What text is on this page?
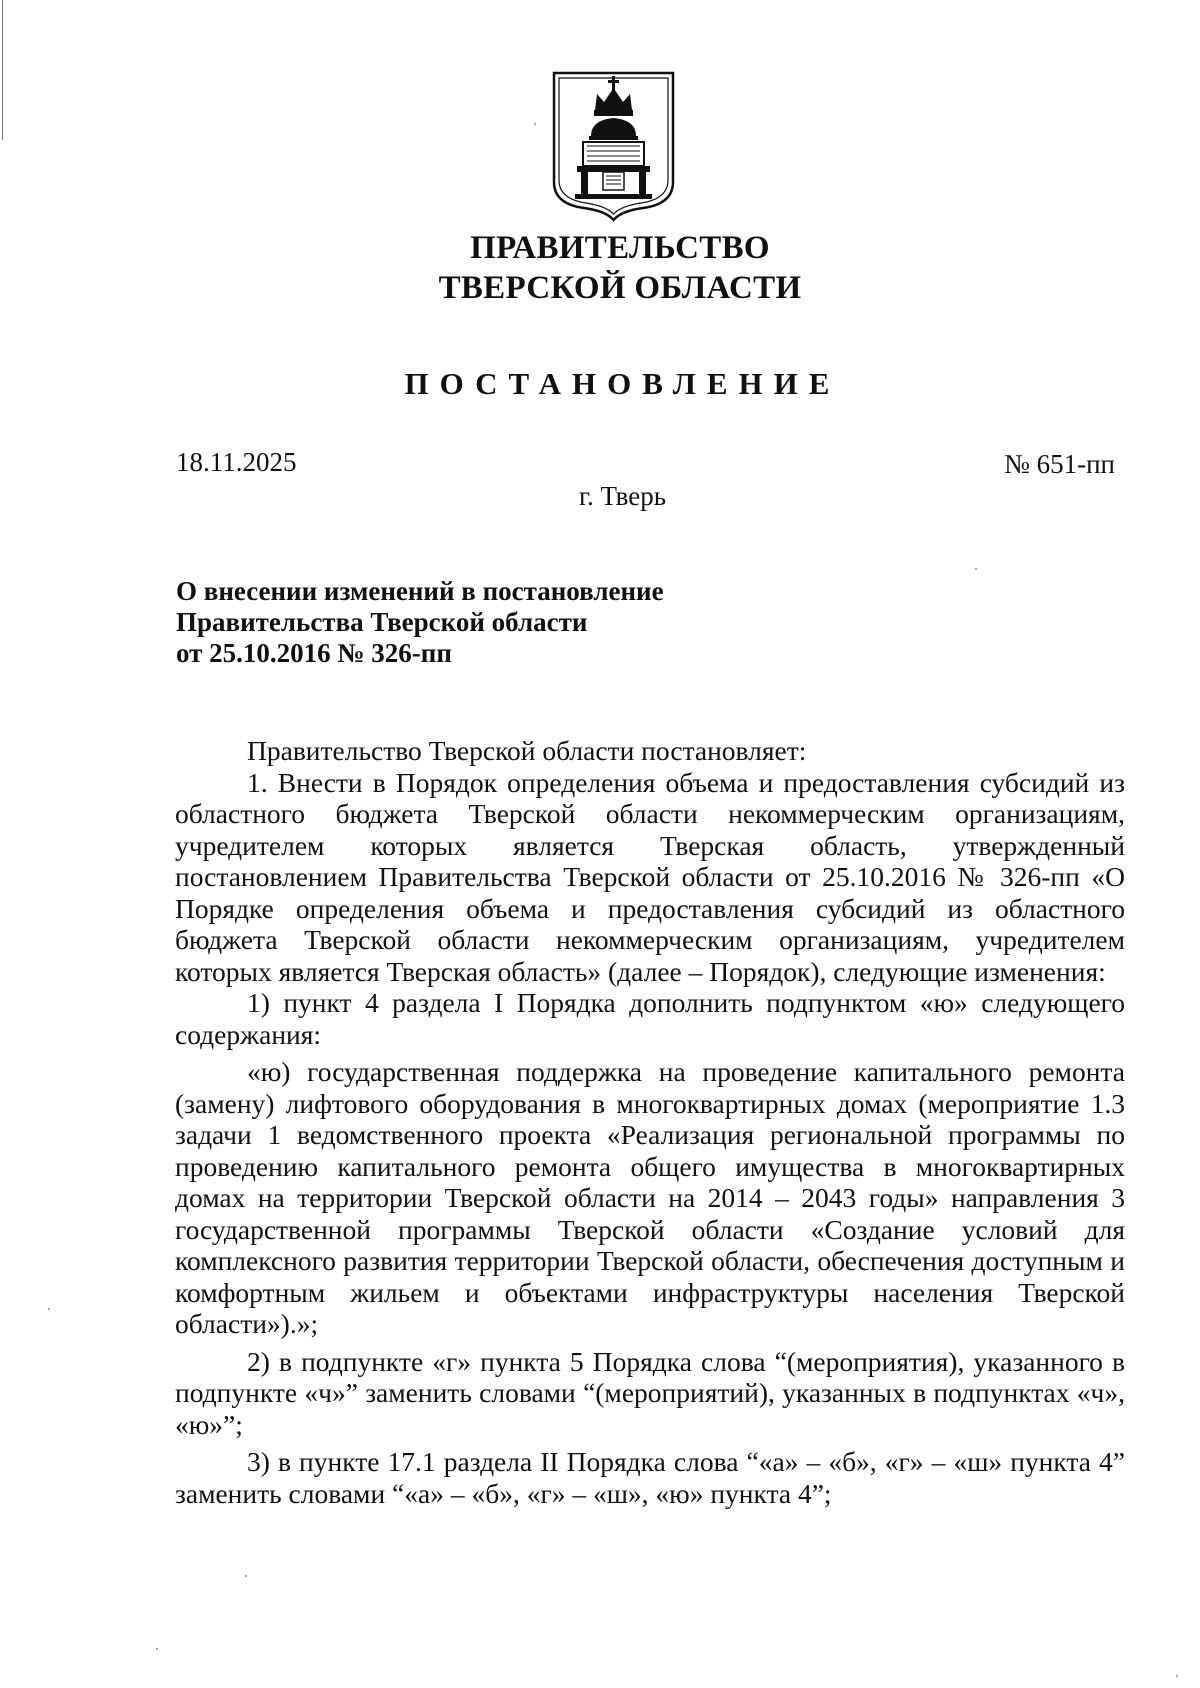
ПРАВИТЕЛЬСТВО
ТВЕРСКОЙ ОБЛАСТИ
ПОСТАНОВЛЕНИЕ
18.11.2025	№ 651-пп
г. Тверь
О внесении изменений в постановление
Правительства Тверской области
от 25.10.2016 № 326-пп

Правительство Тверской области постановляет:

1. Внести в Порядок определения объема и предоставления субсидий из областного бюджета Тверской области некоммерческим организациям, учредителем которых является Тверская область, утвержденный постановлением Правительства Тверской области от 25.10.2016 № 326-пп «О Порядке определения объема и предоставления субсидий из областного бюджета Тверской области некоммерческим организациям, учредителем которых является Тверская область» (далее – Порядок), следующие изменения:

1) пункт 4 раздела I Порядка дополнить подпунктом «ю» следующего содержания:

«ю) государственная поддержка на проведение капитального ремонта (замену) лифтового оборудования в многоквартирных домах (мероприятие 1.3 задачи 1 ведомственного проекта «Реализация региональной программы по проведению капитального ремонта общего имущества в многоквартирных домах на территории Тверской области на 2014 – 2043 годы» направления 3 государственной программы Тверской области «Создание условий для комплексного развития территории Тверской области, обеспечения доступным и комфортным жильем и объектами инфраструктуры населения Тверской области»).»;

2) в подпункте «г» пункта 5 Порядка слова “(мероприятия), указанного в подпункте «ч»” заменить словами “(мероприятий), указанных в подпунктах «ч», «ю»”;

3) в пункте 17.1 раздела II Порядка слова “«а» – «б», «г» – «ш» пункта 4” заменить словами “«а» – «б», «г» – «ш», «ю» пункта 4”;
